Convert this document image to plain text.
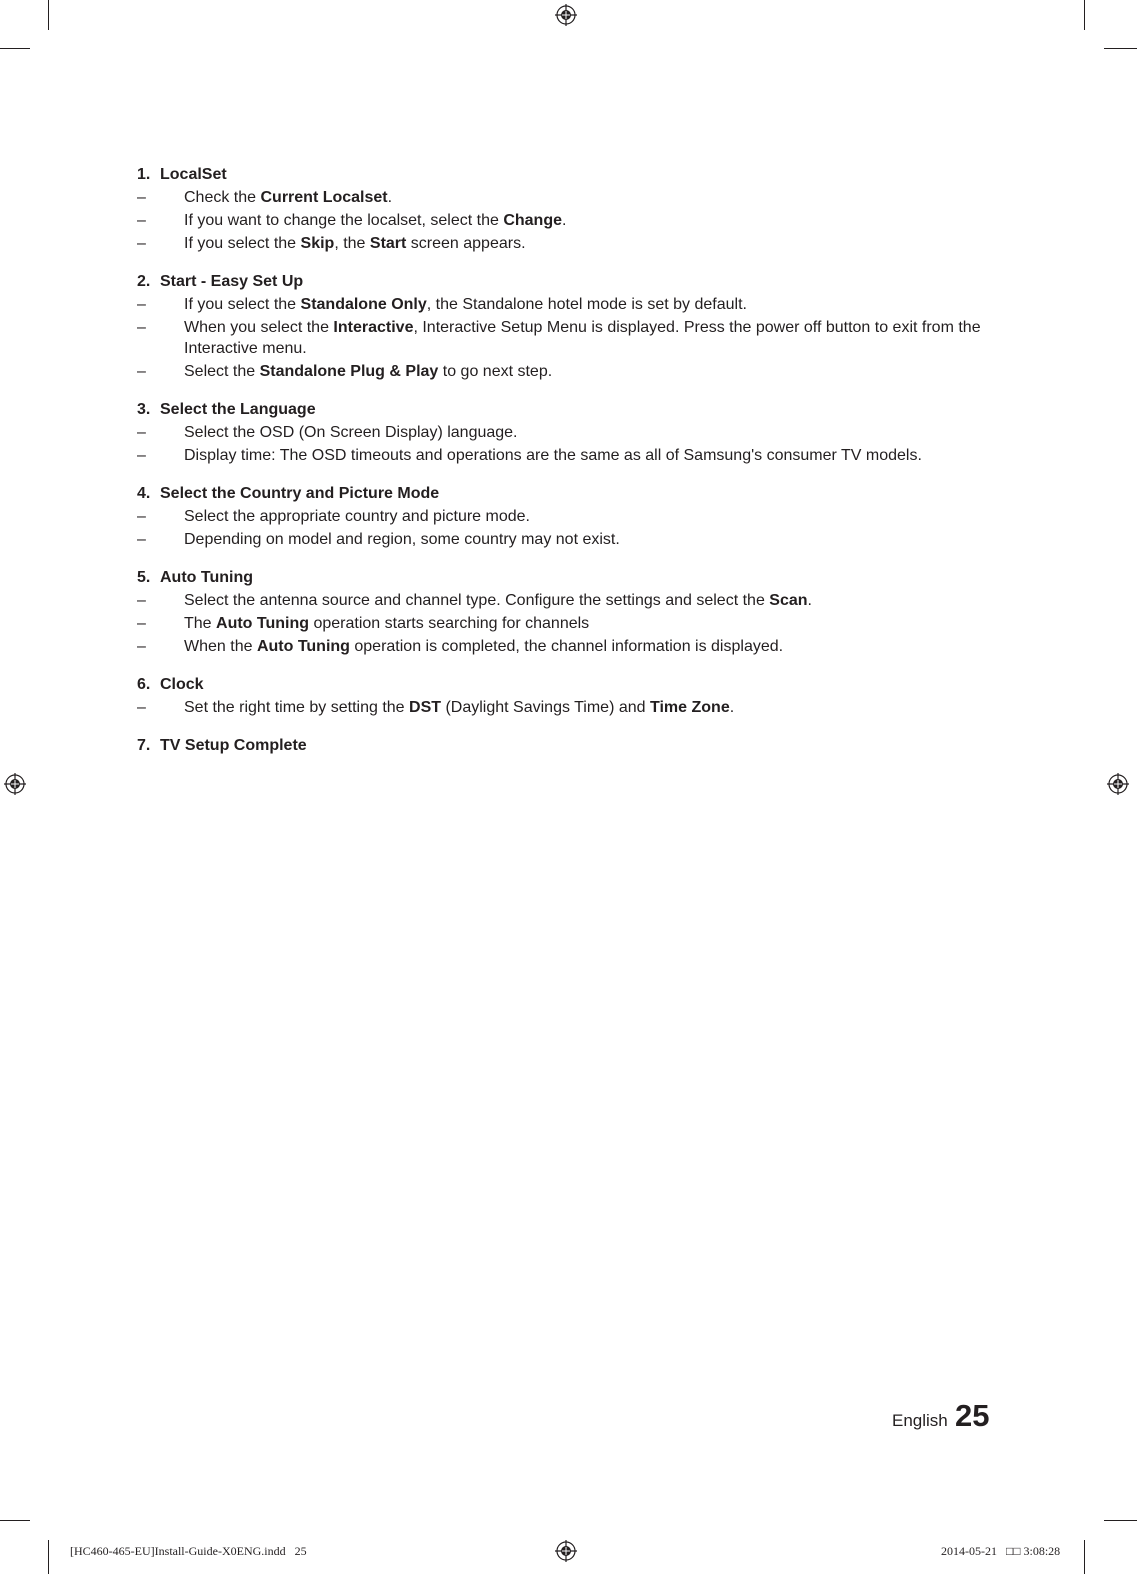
1. LocalSet
–	Check the Current Localset.
–	If you want to change the localset, select the Change.
–	If you select the Skip, the Start screen appears.
2. Start - Easy Set Up
–	If you select the Standalone Only, the Standalone hotel mode is set by default.
–	When you select the Interactive, Interactive Setup Menu is displayed. Press the power off button to exit from the Interactive menu.
–	Select the Standalone Plug & Play to go next step.
3. Select the Language
–	Select the OSD (On Screen Display) language.
–	Display time: The OSD timeouts and operations are the same as all of Samsung's consumer TV models.
4. Select the Country and Picture Mode
–	Select the appropriate country and picture mode.
–	Depending on model and region, some country may not exist.
5. Auto Tuning
–	Select the antenna source and channel type. Configure the settings and select the Scan.
–	The Auto Tuning operation starts searching for channels
–	When the Auto Tuning operation is completed, the channel information is displayed.
6. Clock
–	Set the right time by setting the DST (Daylight Savings Time) and Time Zone.
7. TV Setup Complete
English 25
[HC460-465-EU]Install-Guide-X0ENG.indd   25	2014-05-21   □□ 3:08:28
